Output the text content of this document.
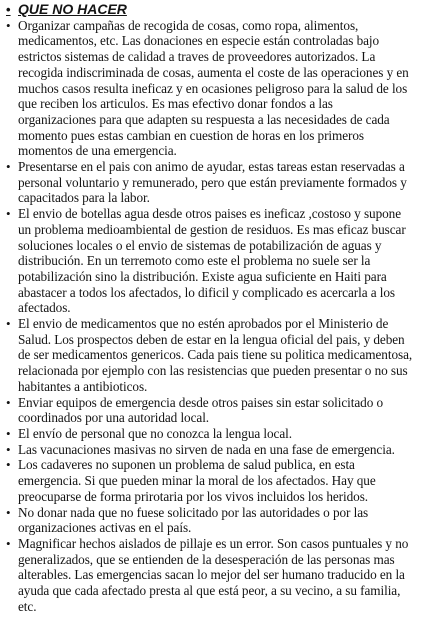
• QUE NO HACER
• Organizar campañas de recogida de cosas, como ropa, alimentos, medicamentos, etc. Las donaciones en especie están controladas bajo estrictos sistemas de calidad a traves de proveedores autorizados. La recogida indiscriminada de cosas, aumenta el coste de las operaciones y en muchos casos resulta ineficaz y en ocasiones peligroso para la salud de los que reciben los articulos. Es mas efectivo donar fondos a las organizaciones para que adapten su respuesta a las necesidades de cada momento pues estas cambian en cuestion de horas en los primeros momentos de una emergencia.
• Presentarse en el pais con animo de ayudar, estas tareas estan reservadas a personal voluntario y remunerado, pero que están previamente formados y capacitados para la labor.
• El envio de botellas agua desde otros paises es ineficaz ,costoso y supone un problema medioambiental de gestion de residuos. Es mas eficaz buscar soluciones locales o el envio de sistemas de potabilización de aguas y distribución. En un terremoto como este el problema no suele ser la potabilización sino la distribución. Existe agua suficiente en Haiti para abastacer a todos los afectados, lo dificil y complicado es acercarla a los afectados.
• El envio de medicamentos que no estén aprobados por el Ministerio de Salud. Los prospectos deben de estar en la lengua oficial del pais, y deben de ser medicamentos genericos. Cada pais tiene su politica medicamentosa, relacionada por ejemplo con las resistencias que pueden presentar o no sus habitantes a antibioticos.
• Enviar equipos de emergencia desde otros paises sin estar solicitado o coordinados por una autoridad local.
• El envío de personal que no conozca la lengua local.
• Las vacunaciones masivas no sirven de nada en una fase de emergencia.
• Los cadaveres no suponen un problema de salud publica, en esta emergencia. Si que pueden minar la moral de los afectados. Hay que preocuparse de forma prirotaria por los vivos incluidos los heridos.
• No donar nada que no fuese solicitado por las autoridades o por las organizaciones activas en el país.
• Magnificar hechos aislados de pillaje es un error. Son casos puntuales y no generalizados, que se entienden de la desesperación de las personas mas alterables. Las emergencias sacan lo mejor del ser humano traducido en la ayuda que cada afectado presta al que está peor, a su vecino, a su familia, etc.
